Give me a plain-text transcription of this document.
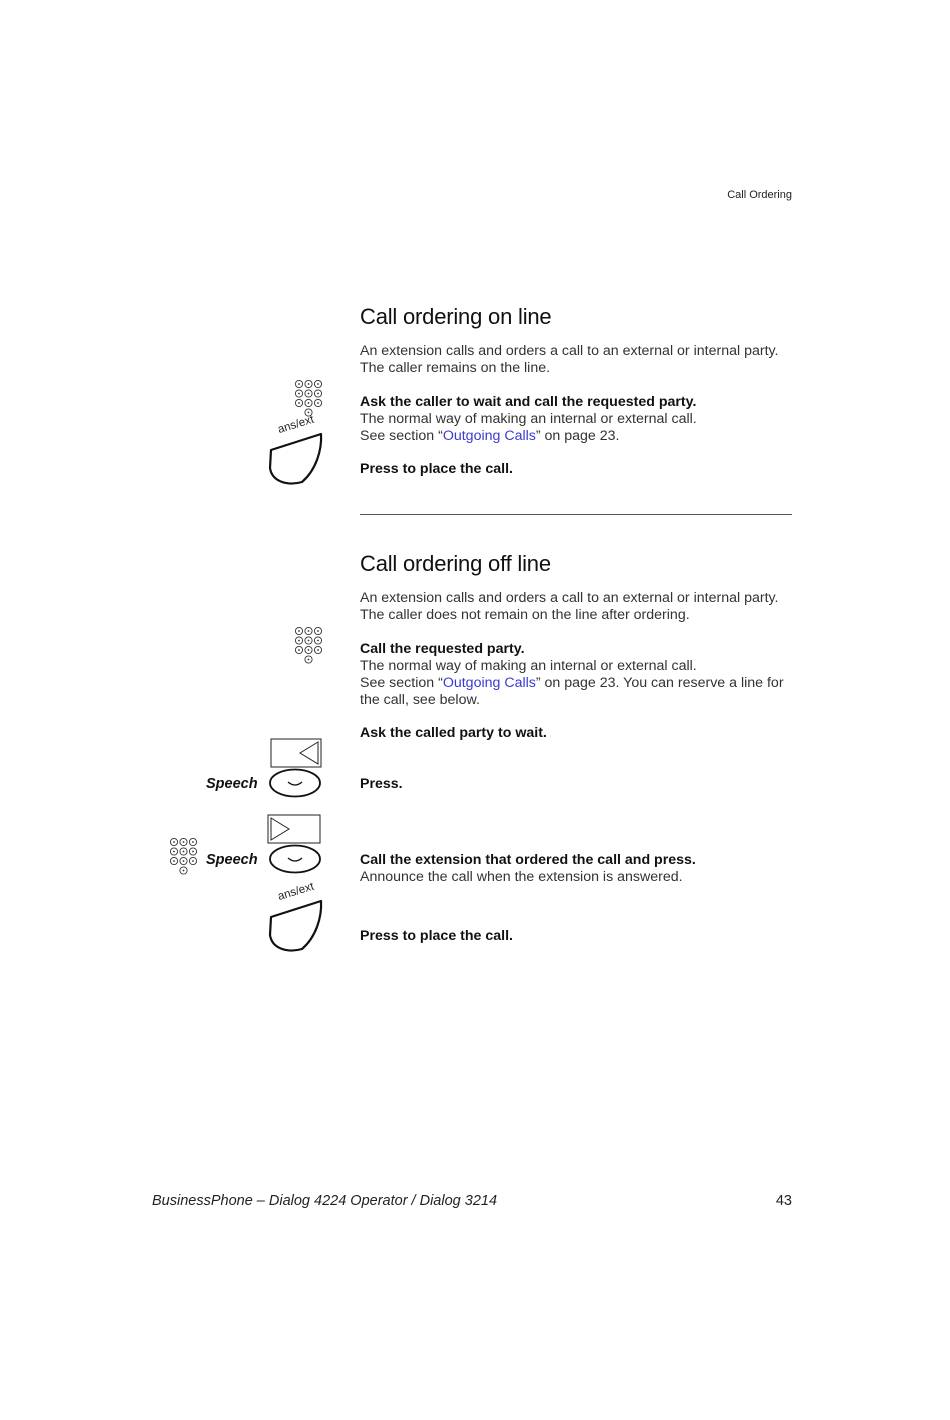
Call Ordering
Call ordering on line
An extension calls and orders a call to an external or internal party.
The caller remains on the line.
Ask the caller to wait and call the requested party.
The normal way of making an internal or external call.
See section “Outgoing Calls” on page 23.
ans/ext
Press to place the call.
Call ordering off line
An extension calls and orders a call to an external or internal party.
The caller does not remain on the line after ordering.
Call the requested party.
The normal way of making an internal or external call.
See section “Outgoing Calls” on page 23. You can reserve a line for
the call, see below.
Ask the called party to wait.
Speech	Press.
Speech	Call the extension that ordered the call and press.
Announce the call when the extension is answered.
ans/ext
Press to place the call.
BusinessPhone – Dialog 4224 Operator / Dialog 3214	43
